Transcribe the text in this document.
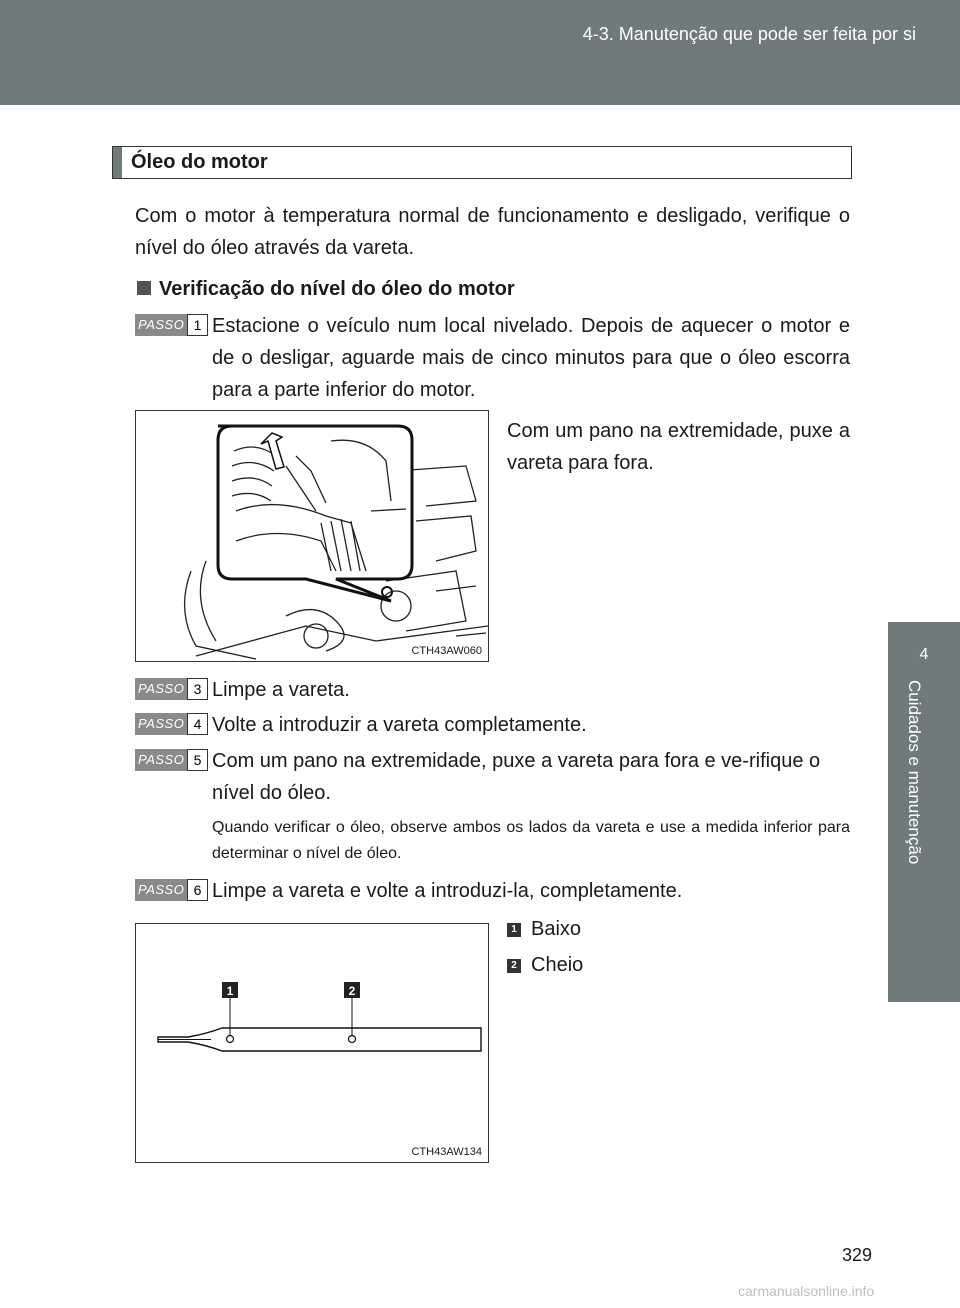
4-3. Manutenção que pode ser feita por si
4
Cuidados e manutenção
Óleo do motor
Com o motor à temperatura normal de funcionamento e desligado, verifique o nível do óleo através da vareta.
Verificação do nível do óleo do motor
PASSO 1 Estacione o veículo num local nivelado. Depois de aquecer o motor e de o desligar, aguarde mais de cinco minutos para que o óleo escorra para a parte inferior do motor.
Com um pano na extremidade, puxe a vareta para fora.
CTH43AW060
PASSO 3 Limpe a vareta.
PASSO 4 Volte a introduzir a vareta completamente.
PASSO 5 Com um pano na extremidade, puxe a vareta para fora e ve-rifique o nível do óleo.
Quando verificar o óleo, observe ambos os lados da vareta e use a medida inferior para determinar o nível de óleo.
PASSO 6 Limpe a vareta e volte a introduzi-la, completamente.
1	2
CTH43AW134
1 Baixo
2 Cheio
329
carmanualsonline.info
